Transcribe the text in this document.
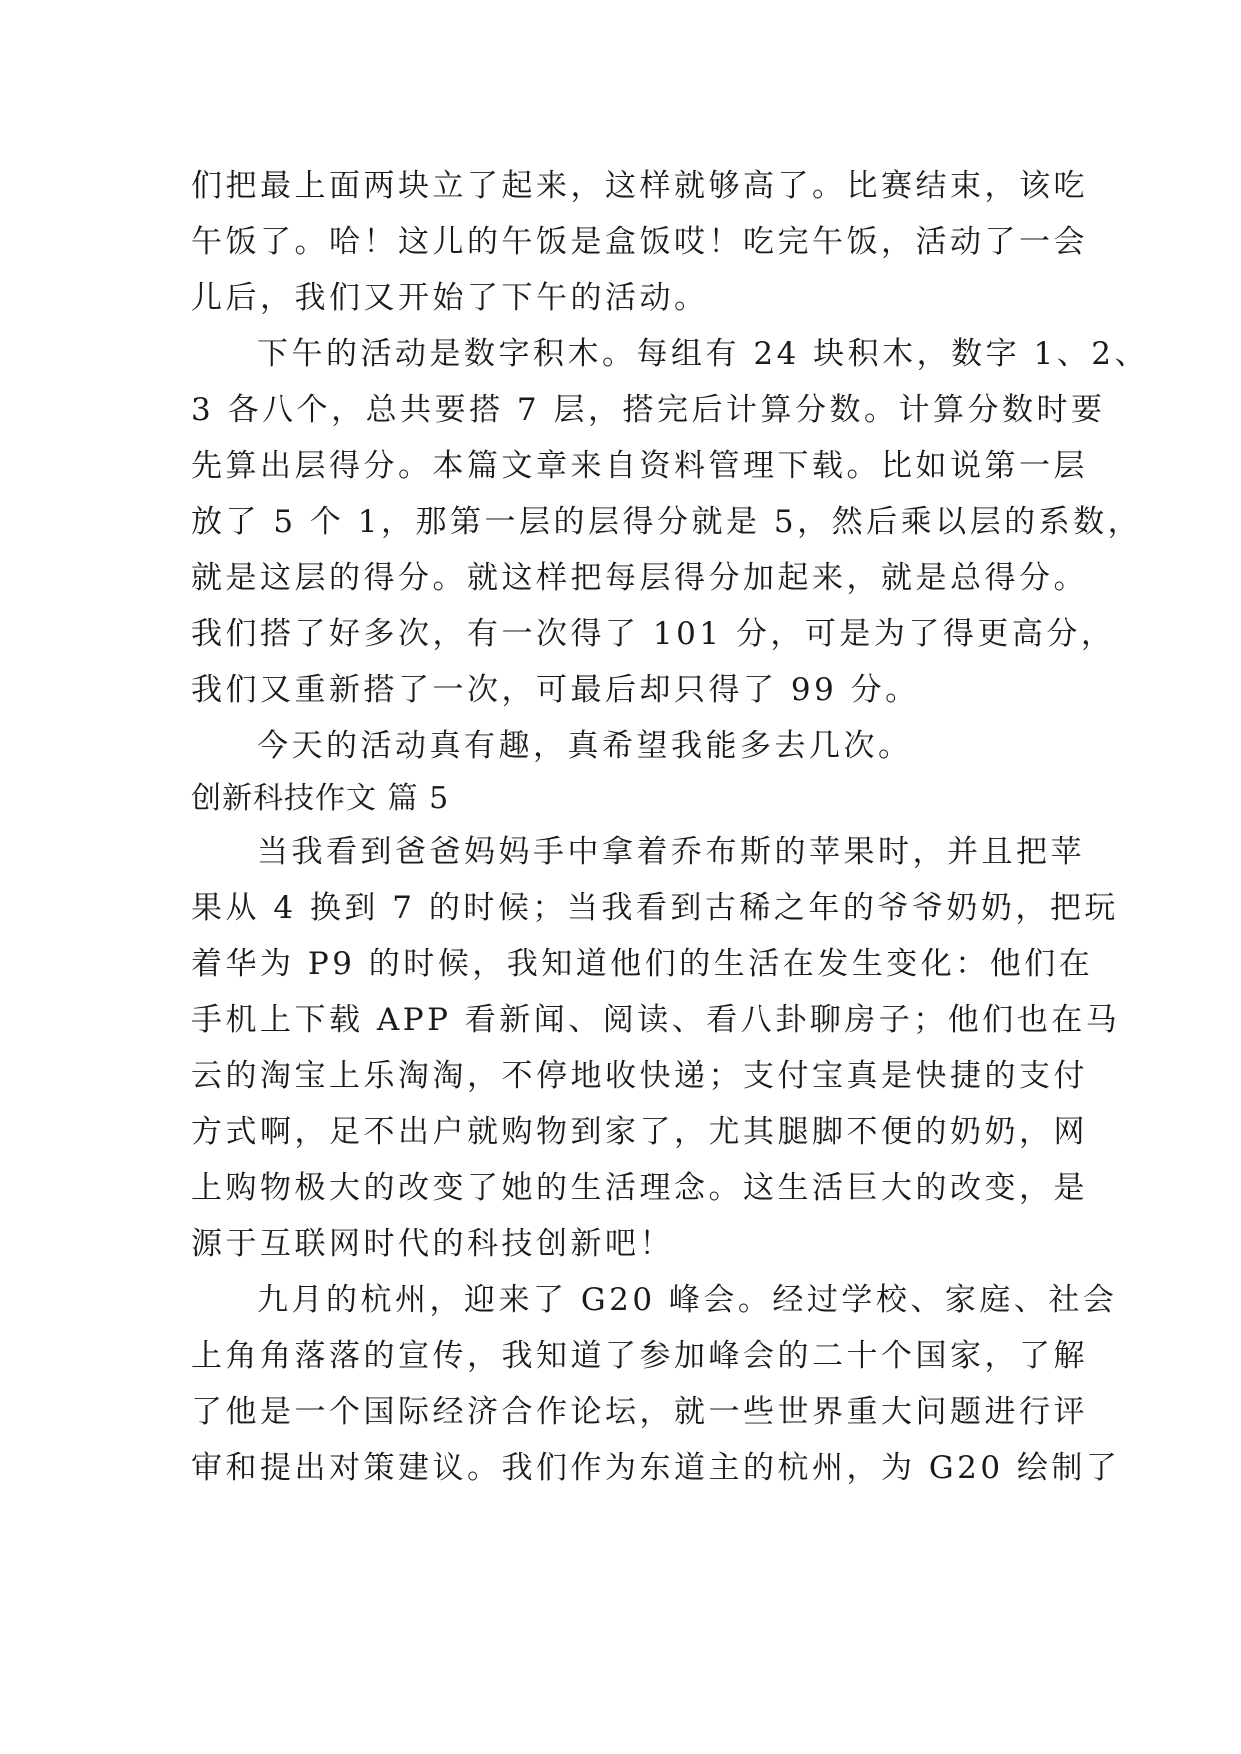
们把最上面两块立了起来，这样就够高了。比赛结束，该吃
午饭了。哈！这儿的午饭是盒饭哎！吃完午饭，活动了一会
儿后，我们又开始了下午的活动。
下午的活动是数字积木。每组有 24 块积木，数字 1、2、
3 各八个，总共要搭 7 层，搭完后计算分数。计算分数时要
先算出层得分。本篇文章来自资料管理下载。比如说第一层
放了 5 个 1，那第一层的层得分就是 5，然后乘以层的系数，
就是这层的得分。就这样把每层得分加起来，就是总得分。
我们搭了好多次，有一次得了 101 分，可是为了得更高分，
我们又重新搭了一次，可最后却只得了 99 分。
今天的活动真有趣，真希望我能多去几次。
创新科技作文 篇 5
当我看到爸爸妈妈手中拿着乔布斯的苹果时，并且把苹
果从 4 换到 7 的时候；当我看到古稀之年的爷爷奶奶，把玩
着华为 P9 的时候，我知道他们的生活在发生变化：他们在
手机上下载 APP 看新闻、阅读、看八卦聊房子；他们也在马
云的淘宝上乐淘淘，不停地收快递；支付宝真是快捷的支付
方式啊，足不出户就购物到家了，尤其腿脚不便的奶奶，网
上购物极大的改变了她的生活理念。这生活巨大的改变，是
源于互联网时代的科技创新吧！
九月的杭州，迎来了 G20 峰会。经过学校、家庭、社会
上角角落落的宣传，我知道了参加峰会的二十个国家，了解
了他是一个国际经济合作论坛，就一些世界重大问题进行评
审和提出对策建议。我们作为东道主的杭州，为 G20 绘制了
